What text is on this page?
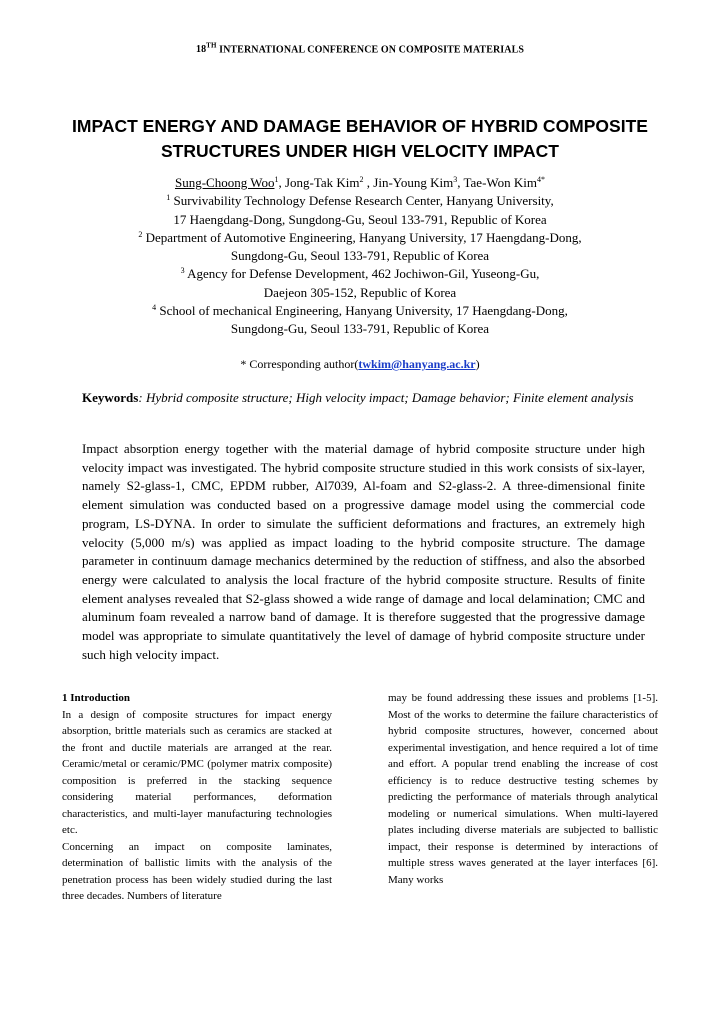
18TH INTERNATIONAL CONFERENCE ON COMPOSITE MATERIALS
IMPACT ENERGY AND DAMAGE BEHAVIOR OF HYBRID COMPOSITE STRUCTURES UNDER HIGH VELOCITY IMPACT
Sung-Choong Woo$^1$, Jong-Tak Kim$^2$ , Jin-Young Kim$^3$, Tae-Won Kim$^{4*}$
$^1$ Survivability Technology Defense Research Center, Hanyang University,
17 Haengdang-Dong, Sungdong-Gu, Seoul 133-791, Republic of Korea
$^2$ Department of Automotive Engineering, Hanyang University, 17 Haengdang-Dong,
Sungdong-Gu, Seoul 133-791, Republic of Korea
$^3$ Agency for Defense Development, 462 Jochiwon-Gil, Yuseong-Gu,
Daejeon 305-152, Republic of Korea
$^4$ School of mechanical Engineering, Hanyang University, 17 Haengdang-Dong,
Sungdong-Gu, Seoul 133-791, Republic of Korea
* Corresponding author(twkim@hanyang.ac.kr)
Keywords: Hybrid composite structure; High velocity impact; Damage behavior; Finite element analysis

Impact absorption energy together with the material damage of hybrid composite structure under high velocity impact was investigated. The hybrid composite structure studied in this work consists of six-layer, namely S2-glass-1, CMC, EPDM rubber, Al7039, Al-foam and S2-glass-2. A three-dimensional finite element simulation was conducted based on a progressive damage model using the commercial code program, LS-DYNA. In order to simulate the sufficient deformations and fractures, an extremely high velocity (5,000 m/s) was applied as impact loading to the hybrid composite structure. The damage parameter in continuum damage mechanics determined by the reduction of stiffness, and also the absorbed energy were calculated to analysis the local fracture of the hybrid composite structure. Results of finite element analyses revealed that S2-glass showed a wide range of damage and local delamination; CMC and aluminum foam revealed a narrow band of damage. It is therefore suggested that the progressive damage model was appropriate to simulate quantitatively the level of damage of hybrid composite structure under such high velocity impact.

1 Introduction

In a design of composite structures for impact energy absorption, brittle materials such as ceramics are stacked at the front and ductile materials are arranged at the rear. Ceramic/metal or ceramic/PMC (polymer matrix composite) composition is preferred in the stacking sequence considering material performances, deformation characteristics, and multi-layer manufacturing technologies etc.

Concerning an impact on composite laminates, determination of ballistic limits with the analysis of the penetration process has been widely studied during the last three decades. Numbers of literature

may be found addressing these issues and problems [1-5]. Most of the works to determine the failure characteristics of hybrid composite structures, however, concerned about experimental investigation, and hence required a lot of time and effort. A popular trend enabling the increase of cost efficiency is to reduce destructive testing schemes by predicting the performance of materials through analytical modeling or numerical simulations. When multi-layered plates including diverse materials are subjected to ballistic impact, their response is determined by interactions of multiple stress waves generated at the layer interfaces [6]. Many works
